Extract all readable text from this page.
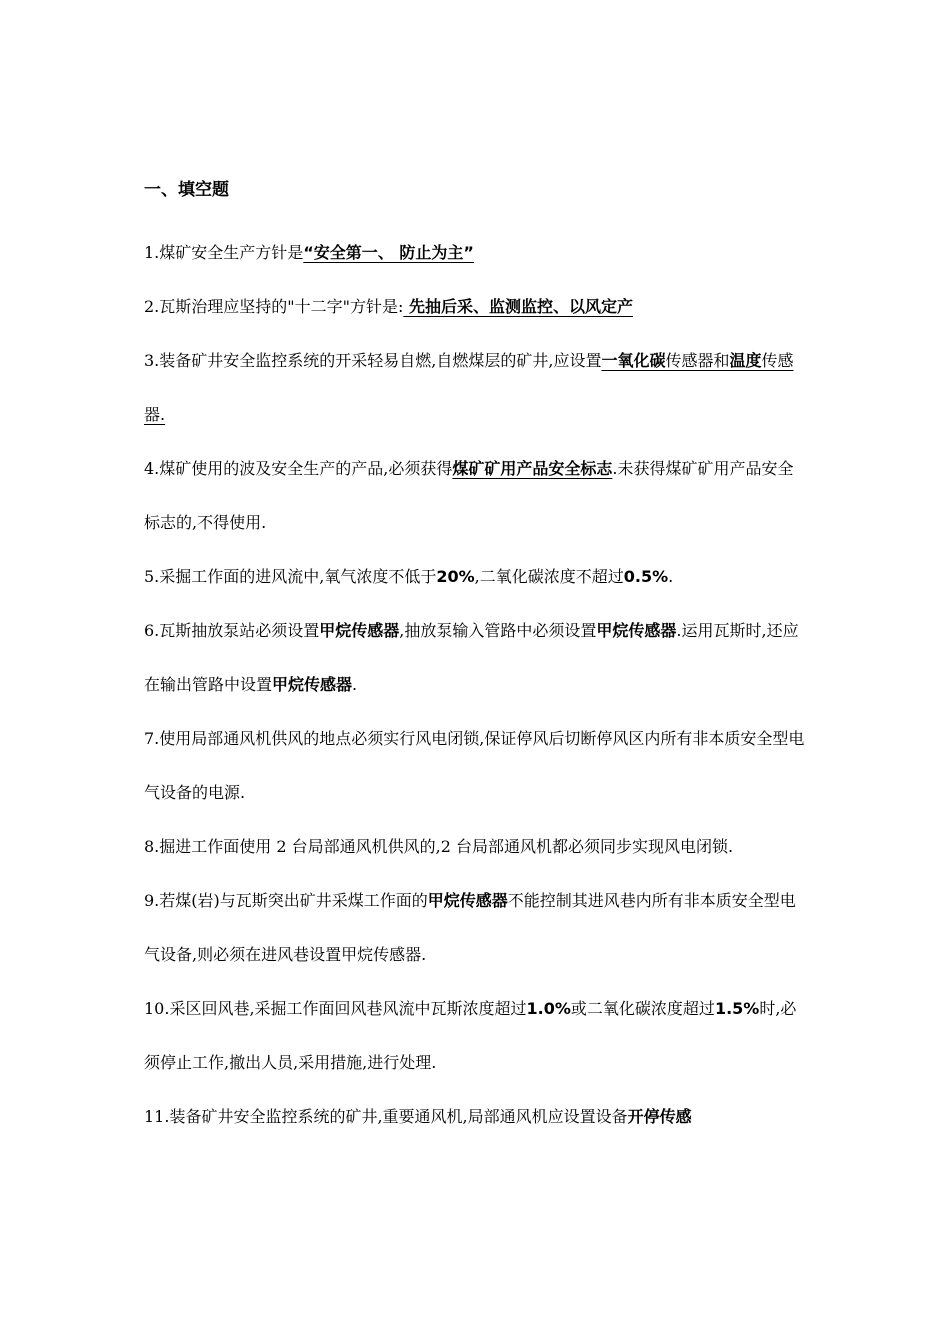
一、填空题

1.煤矿安全生产方针是“安全第一、 防止为主”

2.瓦斯治理应坚持的"十二字"方针是: 先抽后采、监测监控、以风定产

3.装备矿井安全监控系统的开采轻易自燃,自燃煤层的矿井,应设置一氧化碳传感器和温度传感器.

4.煤矿使用的波及安全生产的产品,必须获得煤矿矿用产品安全标志.未获得煤矿矿用产品安全标志的,不得使用.

5.采掘工作面的进风流中,氧气浓度不低于20%,二氧化碳浓度不超过0.5%.

6.瓦斯抽放泵站必须设置甲烷传感器,抽放泵输入管路中必须设置甲烷传感器.运用瓦斯时,还应在输出管路中设置甲烷传感器.

7.使用局部通风机供风的地点必须实行风电闭锁,保证停风后切断停风区内所有非本质安全型电气设备的电源.

8.掘进工作面使用 2 台局部通风机供风的,2 台局部通风机都必须同步实现风电闭锁.

9.若煤(岩)与瓦斯突出矿井采煤工作面的甲烷传感器不能控制其进风巷内所有非本质安全型电气设备,则必须在进风巷设置甲烷传感器.

10.采区回风巷,采掘工作面回风巷风流中瓦斯浓度超过1.0%或二氧化碳浓度超过1.5%时,必须停止工作,撤出人员,采用措施,进行处理.

11.装备矿井安全监控系统的矿井,重要通风机,局部通风机应设置设备开停传感
